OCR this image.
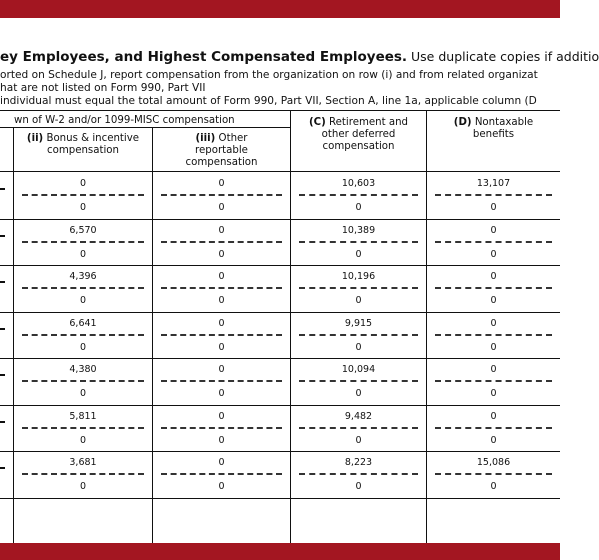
ey Employees, and Highest Compensated Employees. Use duplicate copies if additio
orted on Schedule J, report compensation from the organization on row (i) and from related organizat
hat are not listed on Form 990, Part VII
individual must equal the total amount of Form 990, Part VII, Section A, line 1a, applicable column (D
wn of W-2 and/or 1099-MISC compensation
(ii) Bonus & incentive
compensation
(iii) Other
reportable
compensation
(C) Retirement and
other deferred
compensation
(D) Nontaxable
benefits
0
0
0
0
10,603
0
13,107
0
6,570
0
0
0
10,389
0
0
0
4,396
0
0
0
10,196
0
0
0
6,641
0
0
0
9,915
0
0
0
4,380
0
0
0
10,094
0
0
0
5,811
0
0
0
9,482
0
0
0
3,681
0
0
0
8,223
0
15,086
0
